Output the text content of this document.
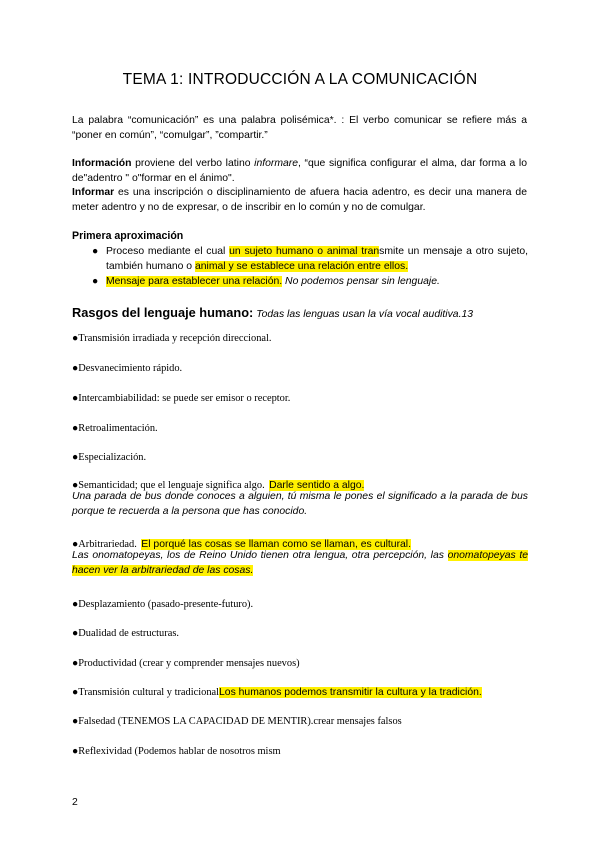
TEMA 1: INTRODUCCIÓN A LA COMUNICACIÓN
La palabra “comunicación” es una palabra polisémica*. : El verbo comunicar se refiere más a “poner en común”, “comulgar”, ”compartir.”
Información proviene del verbo latino informare, “que significa configurar el alma, dar forma a lo de"adentro " o"formar en el ánimo".
Informar es una inscripción o disciplinamiento de afuera hacia adentro, es decir una manera de meter adentro y no de expresar, o de inscribir en lo común y no de comulgar.
Primera aproximación
● Proceso mediante el cual un sujeto humano o animal transmite un mensaje a otro sujeto, también humano o animal y se establece una relación entre ellos.
● Mensaje para establecer una relación. No podemos pensar sin lenguaje.
Rasgos del lenguaje humano: Todas las lenguas usan la vía vocal auditiva.13
●Transmisión irradiada y recepción direccional.
●Desvanecimiento rápido.
●Intercambiabilidad: se puede ser emisor o receptor.
●Retroalimentación.
●Especialización.
●Semanticidad; que el lenguaje significa algo. Darle sentido a algo.
Una parada de bus donde conoces a alguien, tú misma le pones el significado a la parada de bus porque te recuerda a la persona que has conocido.
●Arbitrariedad. El porqué las cosas se llaman como se llaman, es cultural.
Las onomatopeyas, los de Reino Unido tienen otra lengua, otra percepción, las onomatopeyas te hacen ver la arbitrariedad de las cosas.
●Desplazamiento (pasado-presente-futuro).
●Dualidad de estructuras.
●Productividad (crear y comprender mensajes nuevos)
●Transmisión cultural y tradicionalLos humanos podemos transmitir la cultura y la tradición.
●Falsedad (TENEMOS LA CAPACIDAD DE MENTIR).crear mensajes falsos
●Reflexividad (Podemos hablar de nosotros mism
2
